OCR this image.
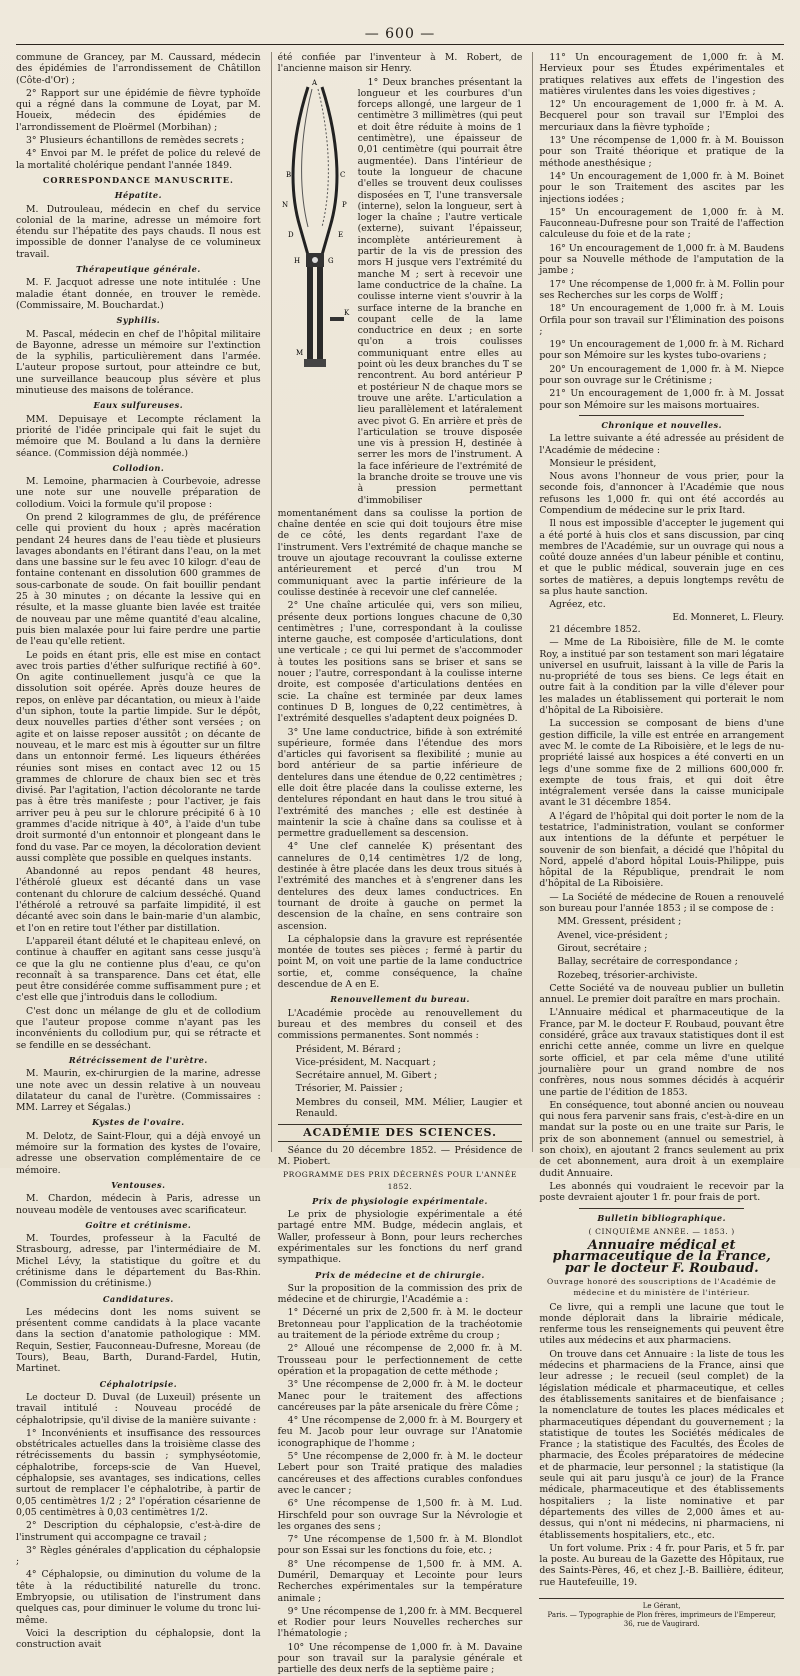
— 600 —

commune de Grancey, par M. Caussard, médecin des épidémies de l'arrondissement de Châtillon (Côte-d'Or) ;

2° Rapport sur une épidémie de fièvre typhoïde qui a régné dans la commune de Loyat, par M. Houeix, médecin des épidémies de l'arrondissement de Ploërmel (Morbihan) ;

3° Plusieurs échantillons de remèdes secrets ;

4° Envoi par M. le préfet de police du relevé de la mortalité cholérique pendant l'année 1849.

CORRESPONDANCE MANUSCRITE.
Hépatite.

M. Dutrouleau, médecin en chef du service colonial de la marine, adresse un mémoire fort étendu sur l'hépatite des pays chauds. Il nous est impossible de donner l'analyse de ce volumineux travail.

Thérapeutique générale.

M. F. Jacquot adresse une note intitulée : Une maladie étant donnée, en trouver le remède. (Commissaire, M. Bouchardat.)

Syphilis.

M. Pascal, médecin en chef de l'hôpital militaire de Bayonne, adresse un mémoire sur l'extinction de la syphilis, particulièrement dans l'armée. L'auteur propose surtout, pour atteindre ce but, une surveillance beaucoup plus sévère et plus minutieuse des maisons de tolérance.

Eaux sulfureuses.

MM. Depuisaye et Lecompte réclament la priorité de l'idée principale qui fait le sujet du mémoire que M. Bouland a lu dans la dernière séance. (Commission déjà nommée.)

Collodion.

M. Lemoine, pharmacien à Courbevoie, adresse une note sur une nouvelle préparation de collodium. Voici la formule qu'il propose :

On prend 2 kilogrammes de glu, de préférence celle qui provient du houx ; après macération pendant 24 heures dans de l'eau tiède et plusieurs lavages abondants en l'étirant dans l'eau, on la met dans une bassine sur le feu avec 10 kilogr. d'eau de fontaine contenant en dissolution 600 grammes de sous-carbonate de soude. On fait bouillir pendant 25 à 30 minutes ; on décante la lessive qui en résulte, et la masse gluante bien lavée est traitée de nouveau par une même quantité d'eau alcaline, puis bien malaxée pour lui faire perdre une partie de l'eau qu'elle retient.

Le poids en étant pris, elle est mise en contact avec trois parties d'éther sulfurique rectifié à 60°. On agite continuellement jusqu'à ce que la dissolution soit opérée. Après douze heures de repos, on enlève par décantation, ou mieux à l'aide d'un siphon, toute la partie limpide. Sur le dépôt, deux nouvelles parties d'éther sont versées ; on agite et on laisse reposer aussitôt ; on décante de nouveau, et le marc est mis à égoutter sur un filtre dans un entonnoir fermé. Les liqueurs éthérées réunies sont mises en contact avec 12 ou 15 grammes de chlorure de chaux bien sec et très divisé. Par l'agitation, l'action décolorante ne tarde pas à être très manifeste ; pour l'activer, je fais arriver peu à peu sur le chlorure précipité 6 à 10 grammes d'acide nitrique à 40°, à l'aide d'un tube droit surmonté d'un entonnoir et plongeant dans le fond du vase. Par ce moyen, la décoloration devient aussi complète que possible en quelques instants.

Abandonné au repos pendant 48 heures, l'éthérolé glueux est décanté dans un vase contenant du chlorure de calcium desséché. Quand l'éthérolé a retrouvé sa parfaite limpidité, il est décanté avec soin dans le bain-marie d'un alambic, et l'on en retire tout l'éther par distillation.

L'appareil étant déluté et le chapiteau enlevé, on continue à chauffer en agitant sans cesse jusqu'à ce que la glu ne contienne plus d'eau, ce qu'on reconnaît à sa transparence. Dans cet état, elle peut être considérée comme suffisamment pure ; et c'est elle que j'introduis dans le collodium.

C'est donc un mélange de glu et de collodium que l'auteur propose comme n'ayant pas les inconvénients du collodium pur, qui se rétracte et se fendille en se desséchant.

Rétrécissement de l'urètre.

M. Maurin, ex-chirurgien de la marine, adresse une note avec un dessin relative à un nouveau dilatateur du canal de l'urètre. (Commissaires : MM. Larrey et Ségalas.)

Kystes de l'ovaire.

M. Delotz, de Saint-Flour, qui a déjà envoyé un mémoire sur la formation des kystes de l'ovaire, adresse une observation complémentaire de ce mémoire.

Ventouses.

M. Chardon, médecin à Paris, adresse un nouveau modèle de ventouses avec scarificateur.

Goître et crétinisme.

M. Tourdes, professeur à la Faculté de Strasbourg, adresse, par l'intermédiaire de M. Michel Lévy, la statistique du goître et du crétinisme dans le département du Bas-Rhin. (Commission du crétinisme.)

Candidatures.

Les médecins dont les noms suivent se présentent comme candidats à la place vacante dans la section d'anatomie pathologique : MM. Requin, Sestier, Fauconneau-Dufresne, Moreau (de Tours), Beau, Barth, Durand-Fardel, Hutin, Martinet.

Céphalotripsie.

Le docteur D. Duval (de Luxeuil) présente un travail intitulé : Nouveau procédé de céphalotripsie, qu'il divise de la manière suivante :

1° Inconvénients et insuffisance des ressources obstétricales actuelles dans la troisième classe des rétrécissements du bassin ; symphyséotomie, céphalotribe, forceps-scie de Van Huevel, céphalopsie, ses avantages, ses indications, celles surtout de remplacer l'e céphalotribe, à partir de 0,05 centimètres 1/2 ; 2° l'opération césarienne de 0,05 centimètres à 0,03 centimètres 1/2.

2° Description du céphalopsie, c'est-à-dire de l'instrument qui accompagne ce travail ;

3° Règles générales d'application du céphalopsie ;

4° Céphalopsie, ou diminution du volume de la tête à la réductibilité naturelle du tronc. Embryopsie, ou utilisation de l'instrument dans quelques cas, pour diminuer le volume du tronc lui-même.

Voici la description du céphalopsie, dont la construction avait

été confiée par l'inventeur à M. Robert, de l'ancienne maison sir Henry.

A
B	C
D	E
G
H
K
M
N	P

1° Deux branches présentant la longueur et les courbures d'un forceps allongé, une largeur de 1 centimètre 3 millimètres (qui peut et doit être réduite à moins de 1 centimètre), une épaisseur de 0,01 centimètre (qui pourrait être augmentée). Dans l'intérieur de toute la longueur de chacune d'elles se trouvent deux coulisses disposées en T, l'une transversale (interne), selon la longueur, sert à loger la chaîne ; l'autre verticale (externe), suivant l'épaisseur, incomplète antérieurement à partir de la vis de pression des mors H jusque vers l'extrémité du manche M ; sert à recevoir une lame conductrice de la chaîne. La coulisse interne vient s'ouvrir à la surface interne de la branche en coupant celle de la lame conductrice en deux ; en sorte qu'on a trois coulisses communiquant entre elles au point où les deux branches du T se rencontrent. Au bord antérieur P et postérieur N de chaque mors se trouve une arête. L'articulation a lieu parallèlement et latéralement avec pivot G. En arrière et près de l'articulation se trouve disposée une vis à pression H, destinée à serrer les mors de l'instrument. A la face inférieure de l'extrémité de la branche droite se trouve une vis à pression permettant d'immobiliser

momentanément dans sa coulisse la portion de chaîne dentée en scie qui doit toujours être mise de ce côté, les dents regardant l'axe de l'instrument. Vers l'extrémité de chaque manche se trouve un ajoutage recouvrant la coulisse externe antérieurement et percé d'un trou M communiquant avec la partie inférieure de la coulisse destinée à recevoir une clef cannelée.

2° Une chaîne articulée qui, vers son milieu, présente deux portions longues chacune de 0,30 centimètres ; l'une, correspondant à la coulisse interne gauche, est composée d'articulations, dont une verticale ; ce qui lui permet de s'accommoder à toutes les positions sans se briser et sans se nouer ; l'autre, correspondant à la coulisse interne droite, est composée d'articulations dentées en scie. La chaîne est terminée par deux lames continues D B, longues de 0,22 centimètres, à l'extrémité desquelles s'adaptent deux poignées D.

3° Une lame conductrice, bifide à son extrémité supérieure, formée dans l'étendue des mors d'articles qui favorisent sa flexibilité ; munie au bord antérieur de sa partie inférieure de dentelures dans une étendue de 0,22 centimètres ; elle doit être placée dans la coulisse externe, les dentelures répondant en haut dans le trou situé à l'extrémité des manches ; elle est destinée à maintenir la scie à chaîne dans sa coulisse et à permettre graduellement sa descension.

4° Une clef cannelée K) présentant des cannelures de 0,14 centimètres 1/2 de long, destinée à être placée dans les deux trous situés à l'extrémité des manches et à s'engrener dans les dentelures des deux lames conductrices. En tournant de droite à gauche on permet la descension de la chaîne, en sens contraire son ascension.

La céphalopsie dans la gravure est représentée montée de toutes ses pièces ; fermé à partir du point M, on voit une partie de la lame conductrice sortie, et, comme conséquence, la chaîne descendue de A en E.

Renouvellement du bureau.

L'Académie procède au renouvellement du bureau et des membres du conseil et des commissions permanentes. Sont nommés :

Président, M. Bérard ;

Vice-président, M. Nacquart ;

Secrétaire annuel, M. Gibert ;

Trésorier, M. Paissier ;

Membres du conseil, MM. Mélier, Laugier et Renauld.

ACADÉMIE DES SCIENCES.

Séance du 20 décembre 1852. — Présidence de M. Piobert.

PROGRAMME DES PRIX DÉCERNÉS POUR L'ANNÉE 1852.
Prix de physiologie expérimentale.

Le prix de physiologie expérimentale a été partagé entre MM. Budge, médecin anglais, et Waller, professeur à Bonn, pour leurs recherches expérimentales sur les fonctions du nerf grand sympathique.

Prix de médecine et de chirurgie.

Sur la proposition de la commission des prix de médecine et de chirurgie, l'Académie a :

1° Décerné un prix de 2,500 fr. à M. le docteur Bretonneau pour l'application de la trachéotomie au traitement de la période extrême du croup ;

2° Alloué une récompense de 2,000 fr. à M. Trousseau pour le perfectionnement de cette opération et la propagation de cette méthode ;

3° Une récompense de 2,000 fr. à M. le docteur Manec pour le traitement des affections cancéreuses par la pâte arsenicale du frère Côme ;

4° Une récompense de 2,000 fr. à M. Bourgery et feu M. Jacob pour leur ouvrage sur l'Anatomie iconographique de l'homme ;

5° Une récompense de 2,000 fr. à M. le docteur Lebert pour son Traité pratique des maladies cancéreuses et des affections curables confondues avec le cancer ;

6° Une récompense de 1,500 fr. à M. Lud. Hirschfeld pour son ouvrage Sur la Névrologie et les organes des sens ;

7° Une récompense de 1,500 fr. à M. Blondlot pour son Essai sur les fonctions du foie, etc. ;

8° Une récompense de 1,500 fr. à MM. A. Duméril, Demarquay et Lecointe pour leurs Recherches expérimentales sur la température animale ;

9° Une récompense de 1,200 fr. à MM. Becquerel et Rodier pour leurs Nouvelles recherches sur l'hématologie ;

10° Une récompense de 1,000 fr. à M. Davaine pour son travail sur la paralysie générale et partielle des deux nerfs de la septième paire ;

11° Un encouragement de 1,000 fr. à M. Hervieux pour ses Études expérimentales et pratiques relatives aux effets de l'ingestion des matières virulentes dans les voies digestives ;

12° Un encouragement de 1,000 fr. à M. A. Becquerel pour son travail sur l'Emploi des mercuriaux dans la fièvre typhoïde ;

13° Une récompense de 1,000 fr. à M. Bouisson pour son Traité théorique et pratique de la méthode anesthésique ;

14° Un encouragement de 1,000 fr. à M. Boinet pour le son Traitement des ascites par les injections iodées ;

15° Un encouragement de 1,000 fr. à M. Fauconneau-Dufresne pour son Traité de l'affection calculeuse du foie et de la rate ;

16° Un encouragement de 1,000 fr. à M. Baudens pour sa Nouvelle méthode de l'amputation de la jambe ;

17° Une récompense de 1,000 fr. à M. Follin pour ses Recherches sur les corps de Wolff ;

18° Un encouragement de 1,000 fr. à M. Louis Orfila pour son travail sur l'Élimination des poisons ;

19° Un encouragement de 1,000 fr. à M. Richard pour son Mémoire sur les kystes tubo-ovariens ;

20° Un encouragement de 1,000 fr. à M. Niepce pour son ouvrage sur le Crétinisme ;

21° Un encouragement de 1,000 fr. à M. Jossat pour son Mémoire sur les maisons mortuaires.

Chronique et nouvelles.

La lettre suivante a été adressée au président de l'Académie de médecine :

Monsieur le président,

Nous avons l'honneur de vous prier, pour la seconde fois, d'annoncer à l'Académie que nous refusons les 1,000 fr. qui ont été accordés au Compendium de médecine sur le prix Itard.

Il nous est impossible d'accepter le jugement qui a été porté à huis clos et sans discussion, par cinq membres de l'Académie, sur un ouvrage qui nous a coûté douze années d'un labeur pénible et continu, et que le public médical, souverain juge en ces sortes de matières, a depuis longtemps revêtu de sa plus haute sanction.

Agréez, etc.

Ed. Monneret, L. Fleury.

21 décembre 1852.

— Mme de La Riboisière, fille de M. le comte Roy, a institué par son testament son mari légataire universel en usufruit, laissant à la ville de Paris la nu-propriété de tous ses biens. Ce legs était en outre fait à la condition par la ville d'élever pour les malades un établissement qui porterait le nom d'hôpital de La Riboisière.

La succession se composant de biens d'une gestion difficile, la ville est entrée en arrangement avec M. le comte de La Riboisière, et le legs de nu-propriété laissé aux hospices a été converti en un legs d'une somme fixe de 2 millions 600,000 fr. exempte de tous frais, et qui doit être intégralement versée dans la caisse municipale avant le 31 décembre 1854.

A l'égard de l'hôpital qui doit porter le nom de la testatrice, l'administration, voulant se conformer aux intentions de la défunte et perpétuer le souvenir de son bienfait, a décidé que l'hôpital du Nord, appelé d'abord hôpital Louis-Philippe, puis hôpital de la République, prendrait le nom d'hôpital de La Riboisière.

— La Société de médecine de Rouen a renouvelé son bureau pour l'année 1853 ; il se compose de :

MM. Gressent, président ;

Avenel, vice-président ;

Girout, secrétaire ;

Ballay, secrétaire de correspondance ;

Rozebeq, trésorier-archiviste.

Cette Société va de nouveau publier un bulletin annuel. Le premier doit paraître en mars prochain.

L'Annuaire médical et pharmaceutique de la France, par M. le docteur F. Roubaud, pouvant être considéré, grâce aux travaux statistiques dont il est enrichi cette année, comme un livre en quelque sorte officiel, et par cela même d'une utilité journalière pour un grand nombre de nos confrères, nous nous sommes décidés à acquérir une partie de l'édition de 1853.

En conséquence, tout abonné ancien ou nouveau qui nous fera parvenir sans frais, c'est-à-dire en un mandat sur la poste ou en une traite sur Paris, le prix de son abonnement (annuel ou semestriel, à son choix), en ajoutant 2 francs seulement au prix de cet abonnement, aura droit à un exemplaire dudit Annuaire.

Les abonnés qui voudraient le recevoir par la poste devraient ajouter 1 fr. pour frais de port.

Bulletin bibliographique.
( CINQUIÈME ANNÉE. — 1853. )
Annuaire médical et pharmaceutique de la France, par le docteur F. Roubaud.
Ouvrage honoré des souscriptions de l'Académie de médecine et du ministère de l'intérieur.

Ce livre, qui a rempli une lacune que tout le monde déplorait dans la librairie médicale, renferme tous les renseignements qui peuvent être utiles aux médecins et aux pharmaciens.

On trouve dans cet Annuaire : la liste de tous les médecins et pharmaciens de la France, ainsi que leur adresse ; le recueil (seul complet) de la législation médicale et pharmaceutique, et celles des établissements sanitaires et de bienfaisance ; la nomenclature de toutes les places médicales et pharmaceutiques dépendant du gouvernement ; la statistique de toutes les Sociétés médicales de France ; la statistique des Facultés, des Écoles de pharmacie, des Écoles préparatoires de médecine et de pharmacie, leur personnel ; la statistique (la seule qui ait paru jusqu'à ce jour) de la France médicale, pharmaceutique et des établissements hospitaliers ; la liste nominative et par départements des villes de 2,000 âmes et au-dessus, qui n'ont ni médecins, ni pharmaciens, ni établissements hospitaliers, etc., etc.

Un fort volume. Prix : 4 fr. pour Paris, et 5 fr. par la poste. Au bureau de la Gazette des Hôpitaux, rue des Saints-Pères, 46, et chez J.-B. Baillière, éditeur, rue Hautefeuille, 19.

Le Gérant,
Paris. — Typographie de Plon frères, imprimeurs de l'Empereur,
36, rue de Vaugirard.
